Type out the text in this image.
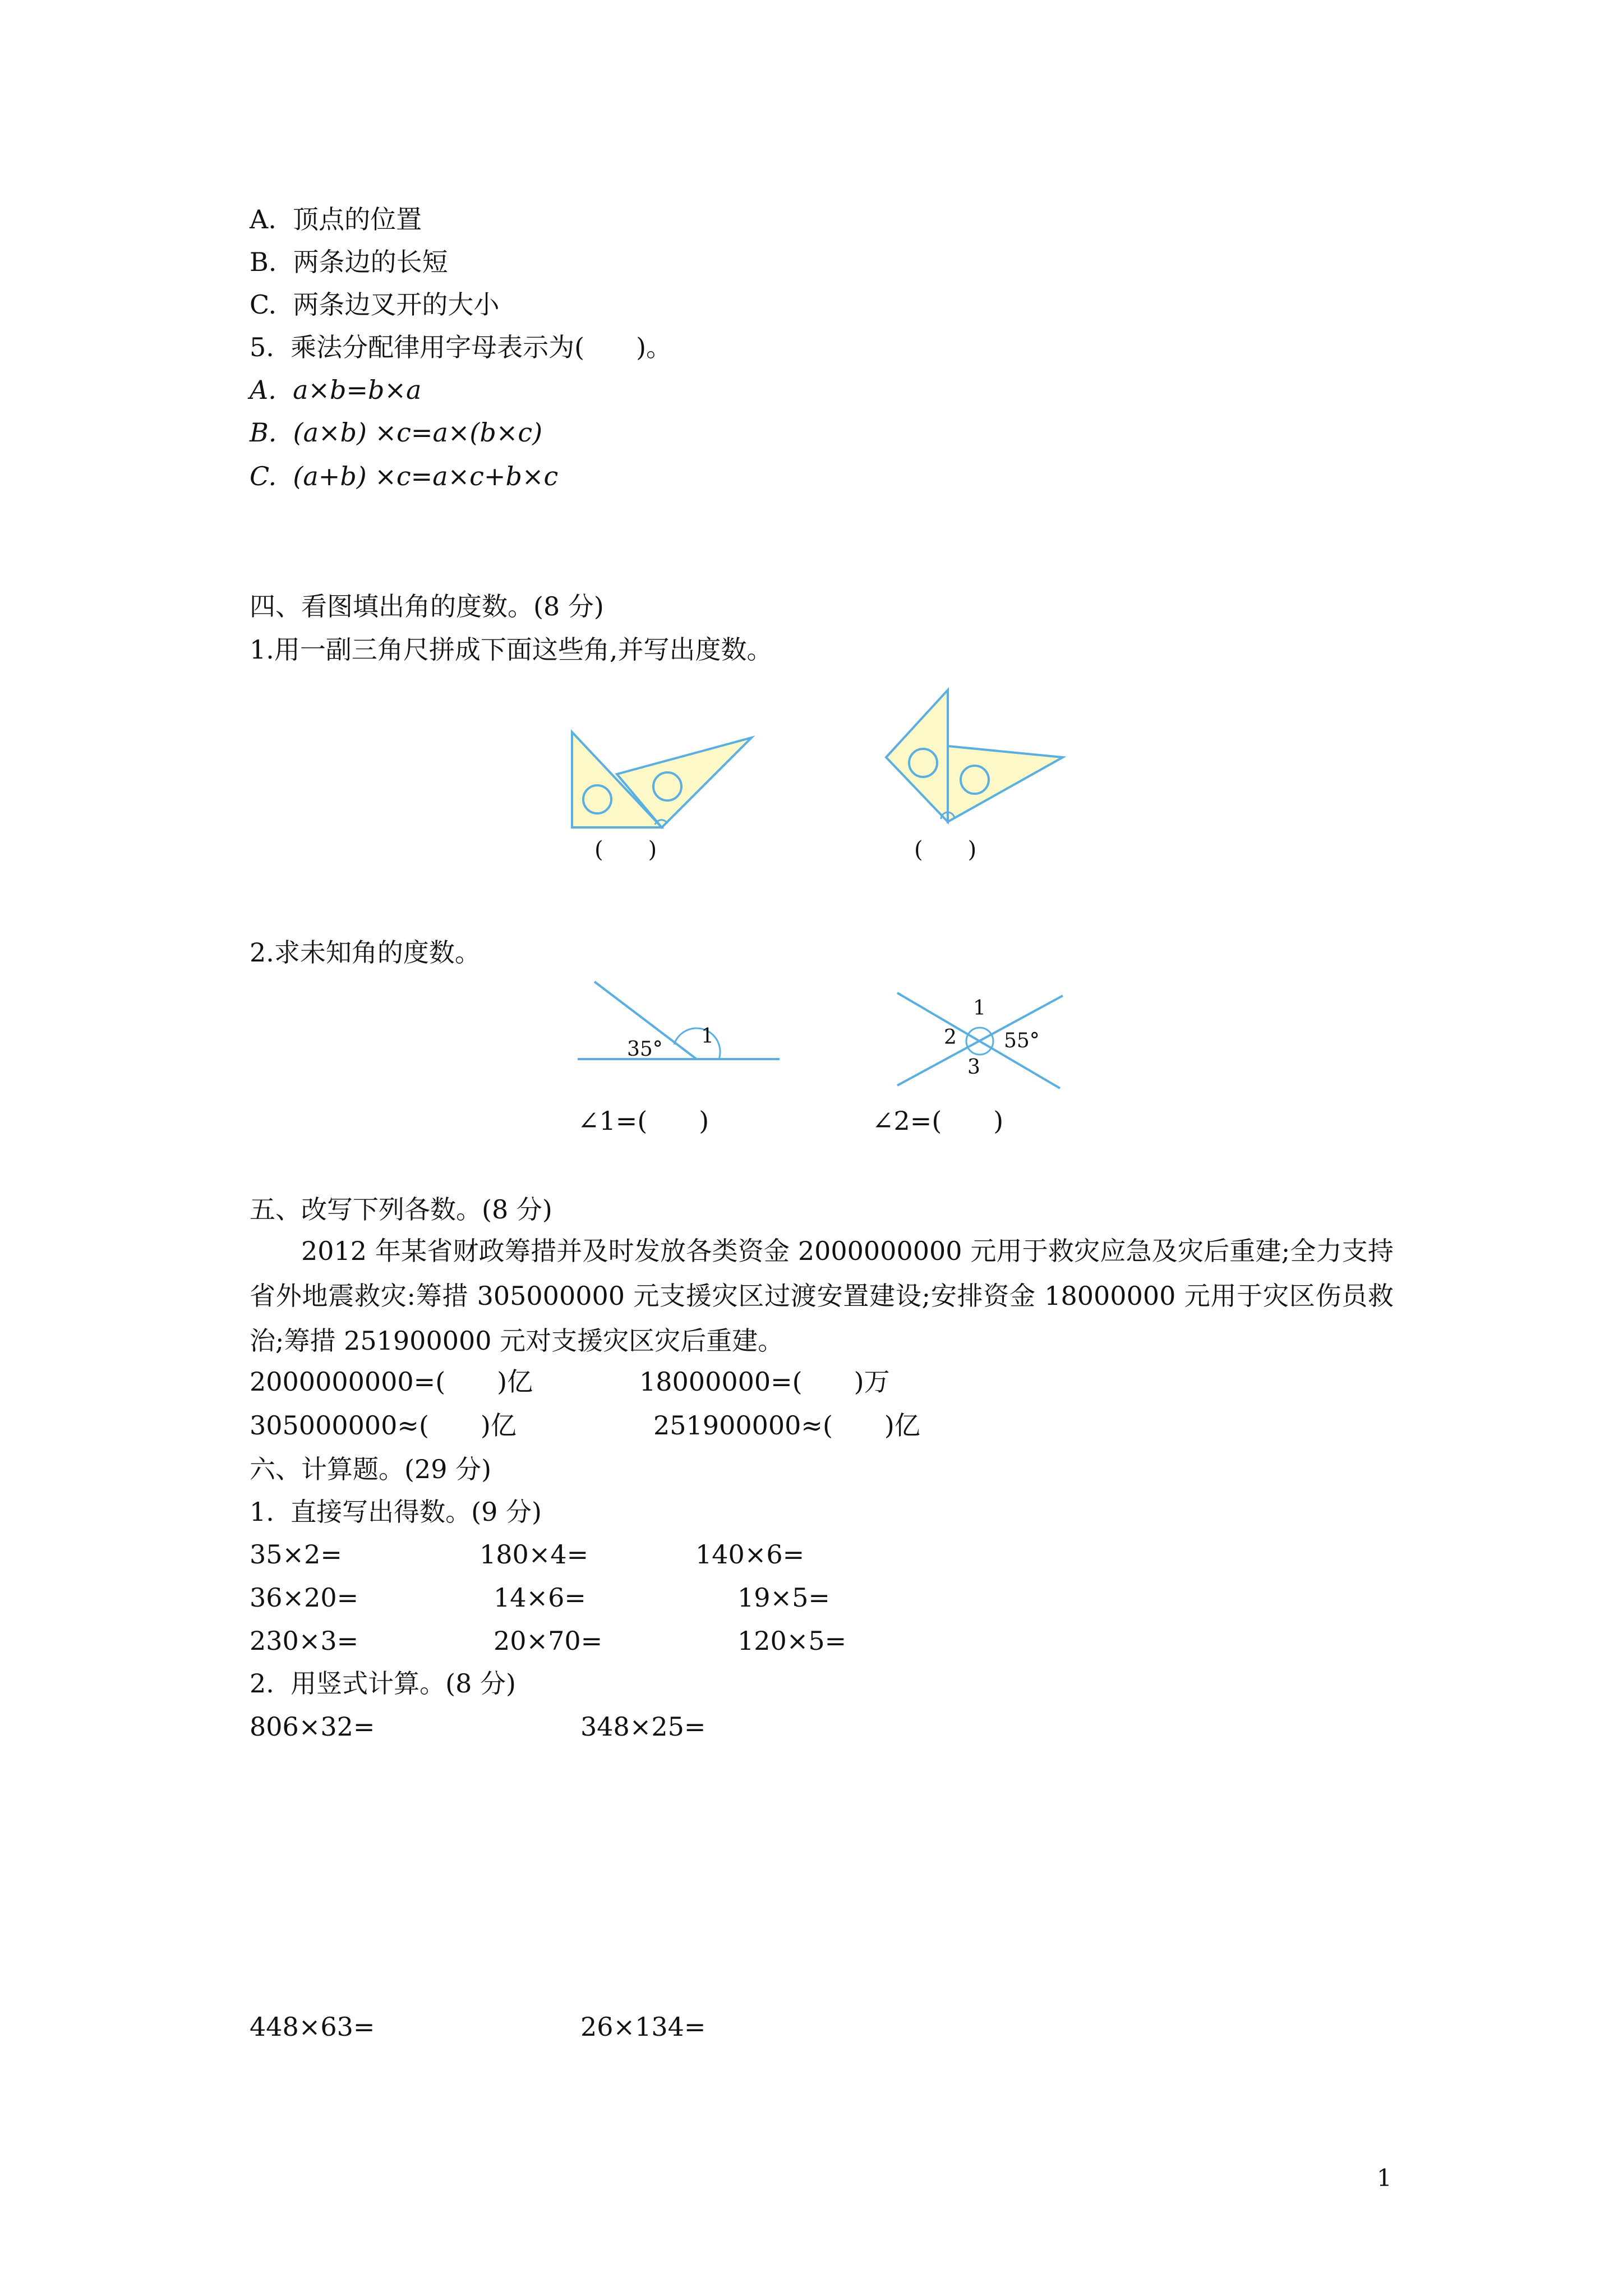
A.  顶点的位置
B.  两条边的长短
C.  两条边叉开的大小
5.  乘法分配律用字母表示为(　　)。
A.  a×b=b×a
B.  (a×b) ×c=a×(b×c)
C.  (a+b) ×c=a×c+b×c
四、看图填出角的度数。(8 分)
1.用一副三角尺拼成下面这些角,并写出度数。
(　　)	(　　)
2.求未知角的度数。
35°
1
1
2
3
55°
∠1=(　　)	∠2=(　　)
五、改写下列各数。(8 分)
2012 年某省财政筹措并及时发放各类资金 2000000000 元用于救灾应急及灾后重建;全力支持省外地震救灾:筹措 305000000 元支援灾区过渡安置建设;安排资金 18000000 元用于灾区伤员救治;筹措 251900000 元对支援灾区灾后重建。
2000000000=(　　)亿	18000000=(　　)万
305000000≈(　　)亿	251900000≈(　　)亿
六、计算题。(29 分)
1.  直接写出得数。(9 分)
35×2=	180×4=	140×6=
36×20=	14×6=	19×5=
230×3=	20×70=	120×5=
2.  用竖式计算。(8 分)
806×32=	348×25=
448×63=	26×134=
1
